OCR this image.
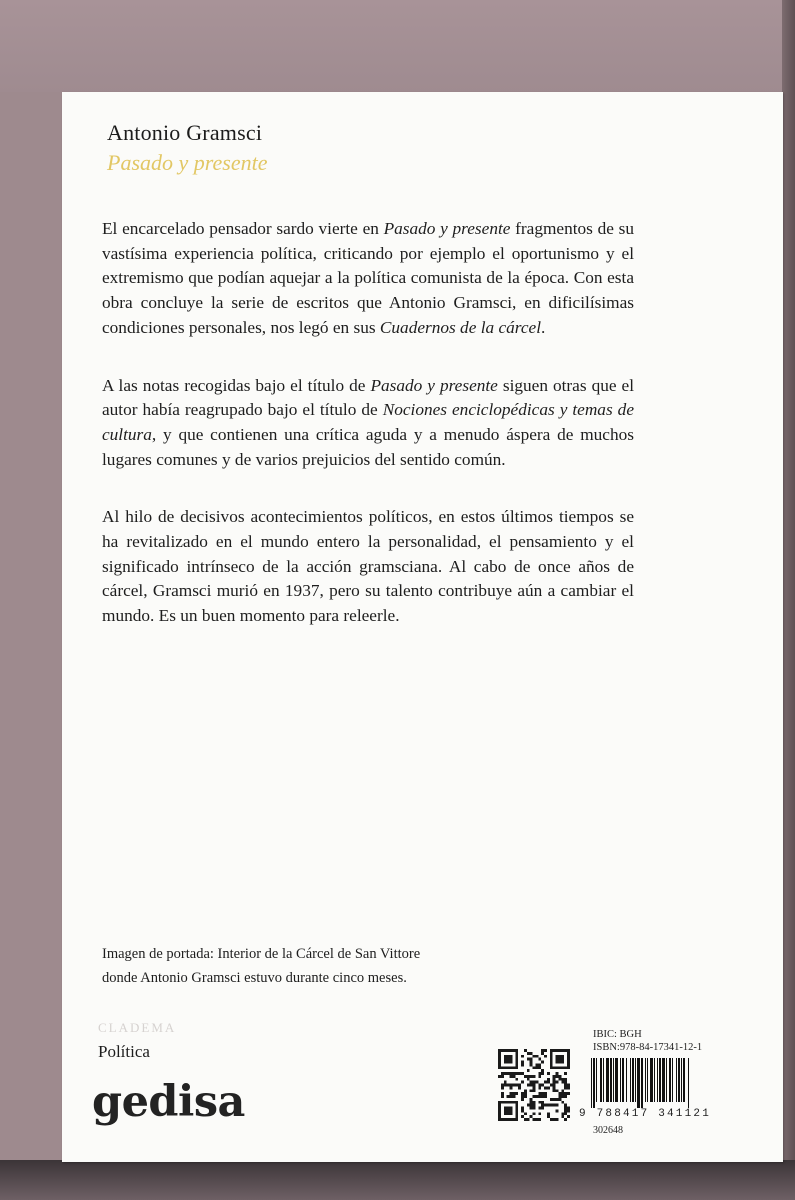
Antonio Gramsci
Pasado y presente

El encarcelado pensador sardo vierte en Pasado y presente fragmentos de su vastísima experiencia política, criticando por ejemplo el oportunismo y el extremismo que podían aquejar a la política comunista de la época. Con esta obra concluye la serie de escritos que Antonio Gramsci, en dificilísimas condiciones personales, nos legó en sus Cuadernos de la cárcel.

A las notas recogidas bajo el título de Pasado y presente siguen otras que el autor había reagrupado bajo el título de Nociones enciclopédicas y temas de cultura, y que contienen una crítica aguda y a menudo áspera de muchos lugares comunes y de varios prejuicios del sentido común.

Al hilo de decisivos acontecimientos políticos, en estos últimos tiempos se ha revitalizado en el mundo entero la personalidad, el pensamiento y el significado intrínseco de la acción gramsciana. Al cabo de once años de cárcel, Gramsci murió en 1937, pero su talento contribuye aún a cambiar el mundo. Es un buen momento para releerle.

Imagen de portada: Interior de la Cárcel de San Vittore
donde Antonio Gramsci estuvo durante cinco meses.
CLADEMA
Política
gedisa
IBIC: BGH
ISBN:978-84-17341-12-1
9 788417 341121
302648
